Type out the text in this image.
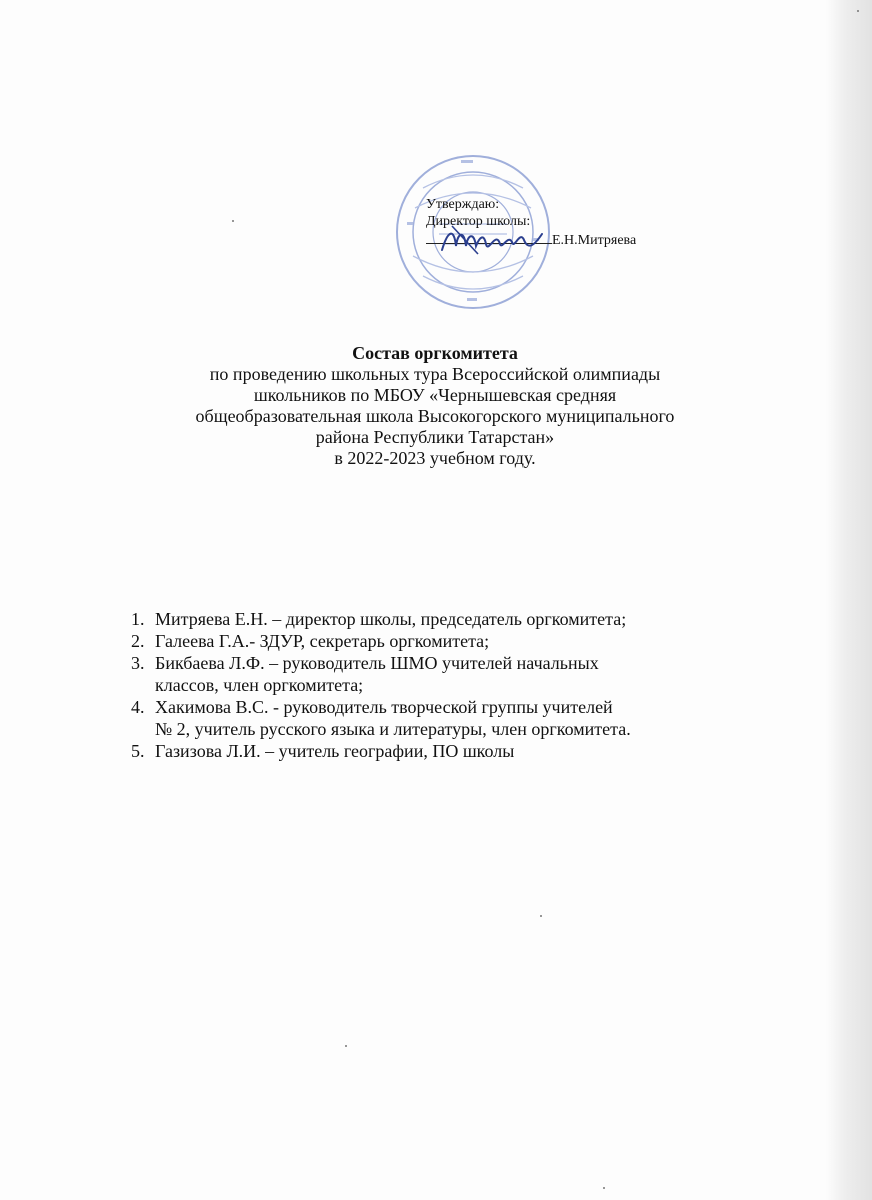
Утверждаю:
Директор школы:
Е.Н.Митряева
Состав оргкомитета
по проведению школьных тура Всероссийской олимпиады
школьников по МБОУ «Чернышевская средняя
общеобразовательная школа Высокогорского муниципального
района Республики Татарстан»
в 2022-2023 учебном году.
1. Митряева Е.Н. – директор школы, председатель оргкомитета;
2. Галеева Г.А.- ЗДУР, секретарь оргкомитета;
3. Бикбаева Л.Ф. – руководитель ШМО учителей начальных
классов, член оргкомитета;
4. Хакимова В.С. - руководитель творческой группы учителей
№ 2, учитель русского языка и литературы, член оргкомитета.
5. Газизова Л.И. – учитель географии, ПО школы
